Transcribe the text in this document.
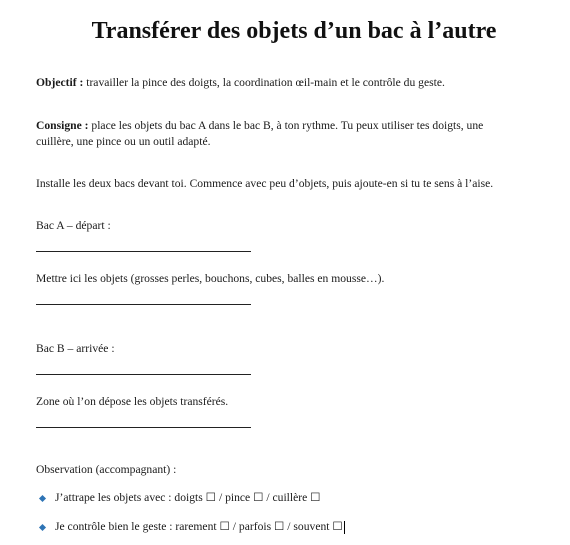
Transférer des objets d’un bac à l’autre
Objectif : travailler la pince des doigts, la coordination œil-main et le contrôle du geste.
Consigne : place les objets du bac A dans le bac B, à ton rythme. Tu peux utiliser tes doigts, une
cuillère, une pince ou un outil adapté.
Installe les deux bacs devant toi. Commence avec peu d’objets, puis ajoute-en si tu te sens à l’aise.
Bac A – départ :
Mettre ici les objets (grosses perles, bouchons, cubes, balles en mousse…).
Bac B – arrivée :
Zone où l’on dépose les objets transférés.
Observation (accompagnant) :
J’attrape les objets avec : doigts ☐ / pince ☐ / cuillère ☐
Je contrôle bien le geste : rarement ☐ / parfois ☐ / souvent ☐
